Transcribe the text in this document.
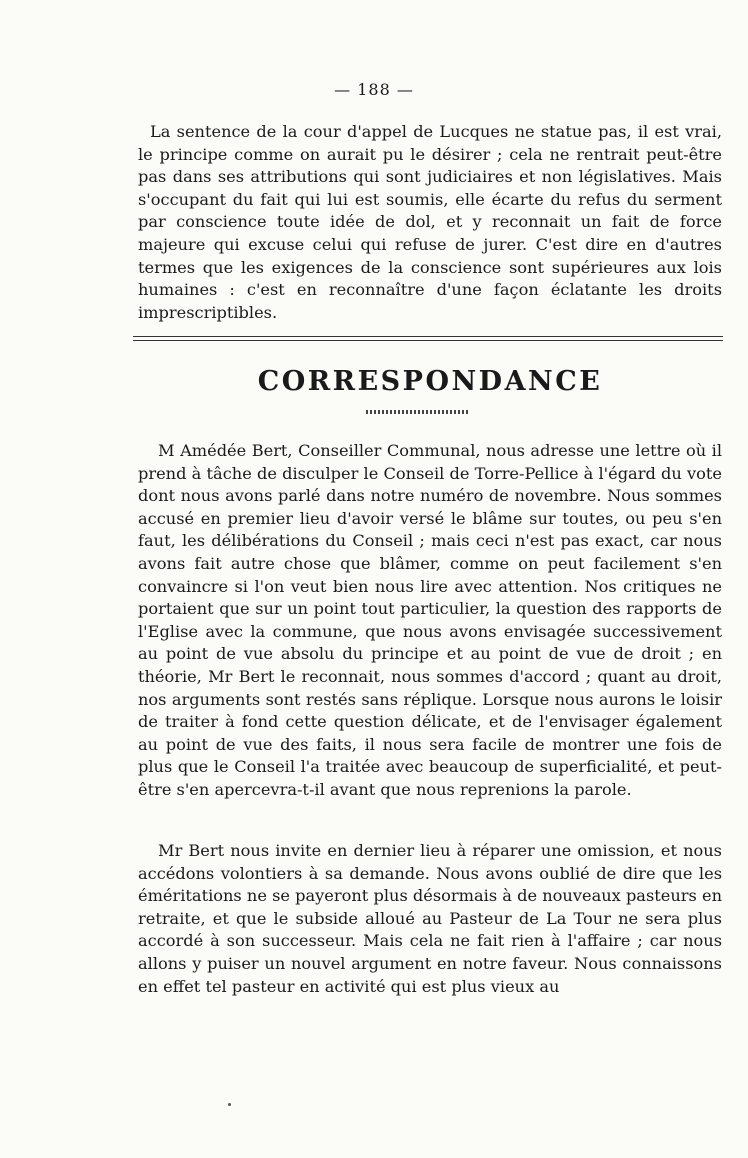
— 188 —

La sentence de la cour d'appel de Lucques ne statue pas, il est vrai, le principe comme on aurait pu le désirer ; cela ne rentrait peut-être pas dans ses attributions qui sont judiciaires et non législatives. Mais s'occupant du fait qui lui est soumis, elle écarte du refus du serment par conscience toute idée de dol, et y reconnait un fait de force majeure qui excuse celui qui refuse de jurer. C'est dire en d'autres termes que les exigences de la conscience sont supérieures aux lois humaines : c'est en reconnaître d'une façon éclatante les droits imprescriptibles.

CORRESPONDANCE

M Amédée Bert, Conseiller Communal, nous adresse une lettre où il prend à tâche de disculper le Conseil de Torre-Pellice à l'égard du vote dont nous avons parlé dans notre numéro de novembre. Nous sommes accusé en premier lieu d'avoir versé le blâme sur toutes, ou peu s'en faut, les délibérations du Conseil ; mais ceci n'est pas exact, car nous avons fait autre chose que blâmer, comme on peut facilement s'en convaincre si l'on veut bien nous lire avec attention. Nos critiques ne portaient que sur un point tout particulier, la question des rapports de l'Eglise avec la commune, que nous avons envisagée successivement au point de vue absolu du principe et au point de vue de droit ; en théorie, Mr Bert le reconnait, nous sommes d'accord ; quant au droit, nos arguments sont restés sans réplique. Lorsque nous aurons le loisir de traiter à fond cette question délicate, et de l'envisager également au point de vue des faits, il nous sera facile de montrer une fois de plus que le Conseil l'a traitée avec beaucoup de superficialité, et peut-être s'en apercevra-t-il avant que nous reprenions la parole.

Mr Bert nous invite en dernier lieu à réparer une omission, et nous accédons volontiers à sa demande. Nous avons oublié de dire que les éméritations ne se payeront plus désormais à de nouveaux pasteurs en retraite, et que le subside alloué au Pasteur de La Tour ne sera plus accordé à son successeur. Mais cela ne fait rien à l'affaire ; car nous allons y puiser un nouvel argument en notre faveur. Nous connaissons en effet tel pasteur en activité qui est plus vieux au
